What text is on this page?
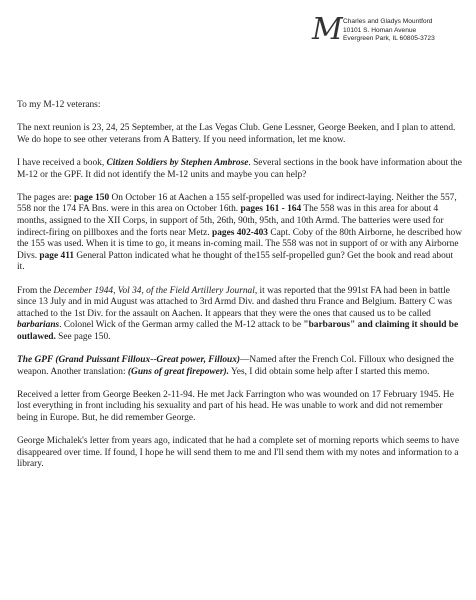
M Charles and Gladys Mountford
10101 S. Homan Avenue
Evergreen Park, IL 60805-3723

To my M-12 veterans:

The next reunion is 23, 24, 25 September, at the Las Vegas Club. Gene Lessner, George Beeken, and I plan to attend. We do hope to see other veterans from A Battery. If you need information, let me know.

I have received a book, Citizen Soldiers by Stephen Ambrose. Several sections in the book have information about the M-12 or the GPF. It did not identify the M-12 units and maybe you can help?

The pages are: page 150 On October 16 at Aachen a 155 self-propelled was used for indirect-laying. Neither the 557, 558 nor the 174 FA Bns. were in this area on October 16th. pages 161 - 164 The 558 was in this area for about 4 months, assigned to the XII Corps, in support of 5th, 26th, 90th, 95th, and 10th Armd. The batteries were used for indirect-firing on pillboxes and the forts near Metz. pages 402-403 Capt. Coby of the 80th Airborne, he described how the 155 was used. When it is time to go, it means in-coming mail. The 558 was not in support of or with any Airborne Divs. page 411 General Patton indicated what he thought of the155 self-propelled gun? Get the book and read about it.

From the December 1944, Vol 34, of the Field Artillery Journal, it was reported that the 991st FA had been in battle since 13 July and in mid August was attached to 3rd Armd Div. and dashed thru France and Belgium. Battery C was attached to the 1st Div. for the assault on Aachen. It appears that they were the ones that caused us to be called barbarians. Colonel Wick of the German army called the M-12 attack to be "barbarous" and claiming it should be outlawed. See page 150.

The GPF (Grand Puissant Filloux--Great power, Filloux)—Named after the French Col. Filloux who designed the weapon. Another translation: (Guns of great firepower). Yes, I did obtain some help after I started this memo.

Received a letter from George Beeken 2-11-94. He met Jack Farrington who was wounded on 17 February 1945. He lost everything in front including his sexuality and part of his head. He was unable to work and did not remember being in Europe. But, he did remember George.

George Michalek's letter from years ago, indicated that he had a complete set of morning reports which seems to have disappeared over time. If found, I hope he will send them to me and I'll send them with my notes and information to a library.
